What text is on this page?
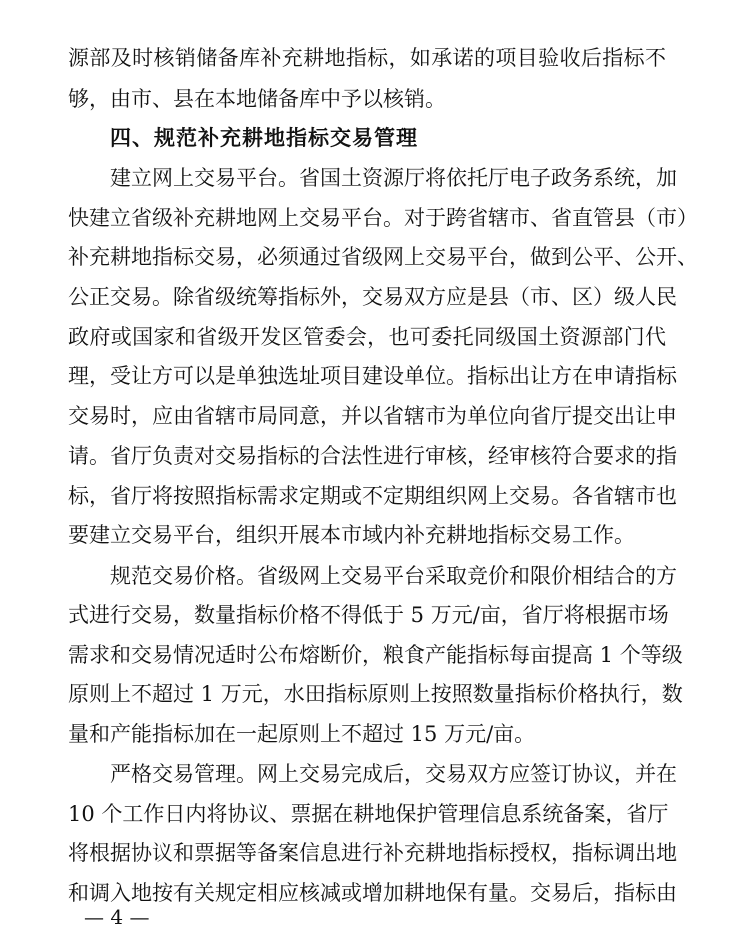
源部及时核销储备库补充耕地指标，如承诺的项目验收后指标不
够，由市、县在本地储备库中予以核销。
四、规范补充耕地指标交易管理
建立网上交易平台。省国土资源厅将依托厅电子政务系统，加
快建立省级补充耕地网上交易平台。对于跨省辖市、省直管县（市）
补充耕地指标交易，必须通过省级网上交易平台，做到公平、公开、
公正交易。除省级统筹指标外，交易双方应是县（市、区）级人民
政府或国家和省级开发区管委会，也可委托同级国土资源部门代
理，受让方可以是单独选址项目建设单位。指标出让方在申请指标
交易时，应由省辖市局同意，并以省辖市为单位向省厅提交出让申
请。省厅负责对交易指标的合法性进行审核，经审核符合要求的指
标，省厅将按照指标需求定期或不定期组织网上交易。各省辖市也
要建立交易平台，组织开展本市域内补充耕地指标交易工作。
规范交易价格。省级网上交易平台采取竞价和限价相结合的方
式进行交易，数量指标价格不得低于 5 万元/亩，省厅将根据市场
需求和交易情况适时公布熔断价，粮食产能指标每亩提高 1 个等级
原则上不超过 1 万元，水田指标原则上按照数量指标价格执行，数
量和产能指标加在一起原则上不超过 15 万元/亩。
严格交易管理。网上交易完成后，交易双方应签订协议，并在
10 个工作日内将协议、票据在耕地保护管理信息系统备案，省厅
将根据协议和票据等备案信息进行补充耕地指标授权，指标调出地
和调入地按有关规定相应核减或增加耕地保有量。交易后，指标由
— 4 —
